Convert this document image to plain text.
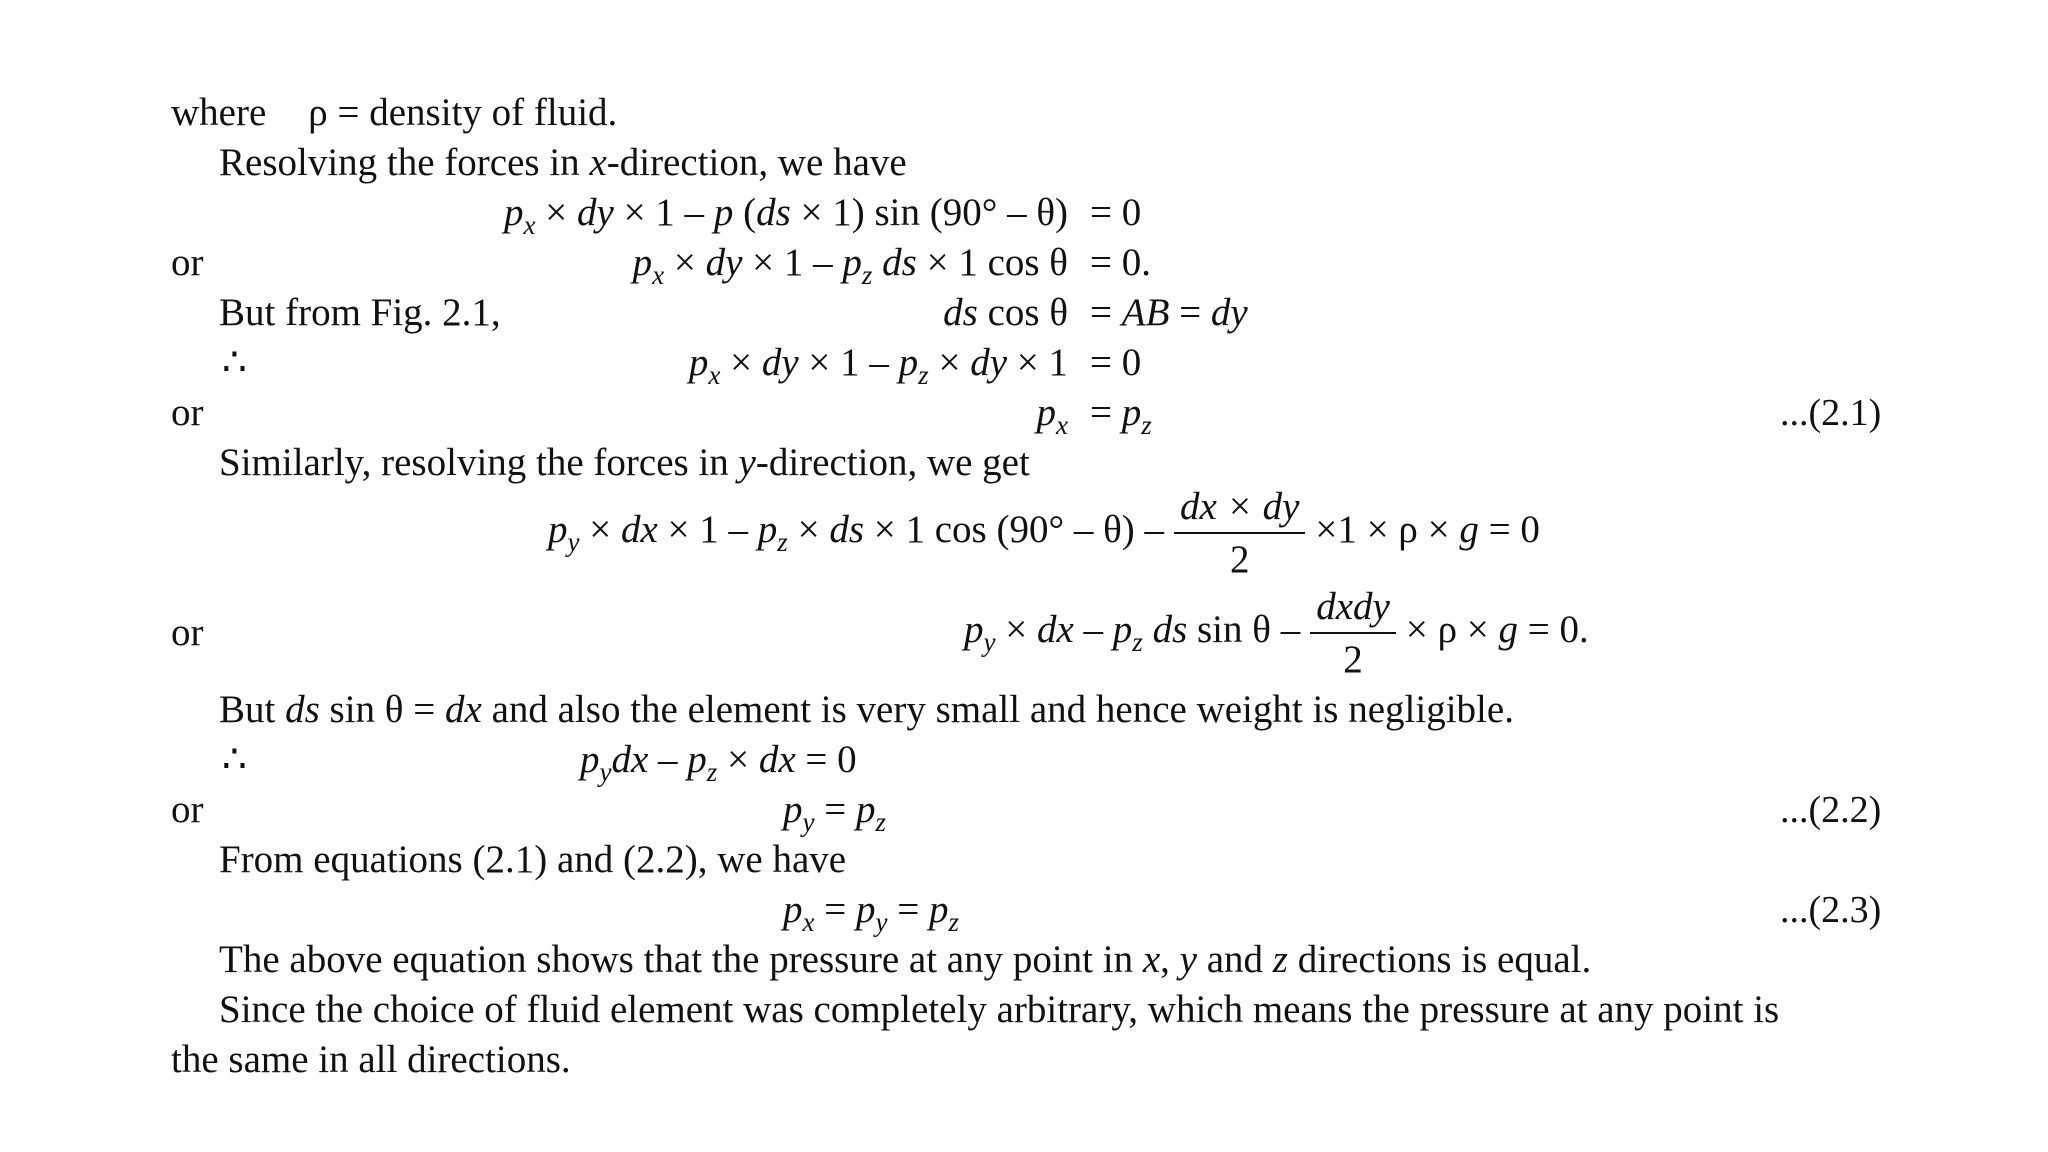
where ρ = density of fluid.
Resolving the forces in x-direction, we have
$p_x$ × dy × 1 – p (ds × 1) sin (90° – θ) = 0
or	$p_x$ × dy × $1 - p_z$ ds × 1 cos θ = 0.
But from Fig. 2.1,	ds cos θ = AB = dy
∴	$p_x$ × dy × $1 - p_z$ × dy × 1 = 0
or	$p_x = p_z$	...(2.1)
Similarly, resolving the forces in y-direction, we get
$p_y$ × dx × $1 - p_z$ × ds × 1 $\cos (90^\circ - \theta) - \frac{dx \times dy}{2} \times 1 \times \rho \times g = 0$
or	$p_y$ × dx – $p_z$ ds $\sin \theta - \frac{\text{dxdy}}{2} \times \rho \times g = 0$.
But ds sin θ = dx and also the element is very small and hence weight is negligible.
∴	$p_ydx - p_z$ × dx = 0
or	$p_y = p_z$	...(2.2)
From equations (2.1) and (2.2), we have
$p_x = p_y = p_z$	...(2.3)
The above equation shows that the pressure at any point in x, y and z directions is equal.
Since the choice of fluid element was completely arbitrary, which means the pressure at any point is
the same in all directions.
